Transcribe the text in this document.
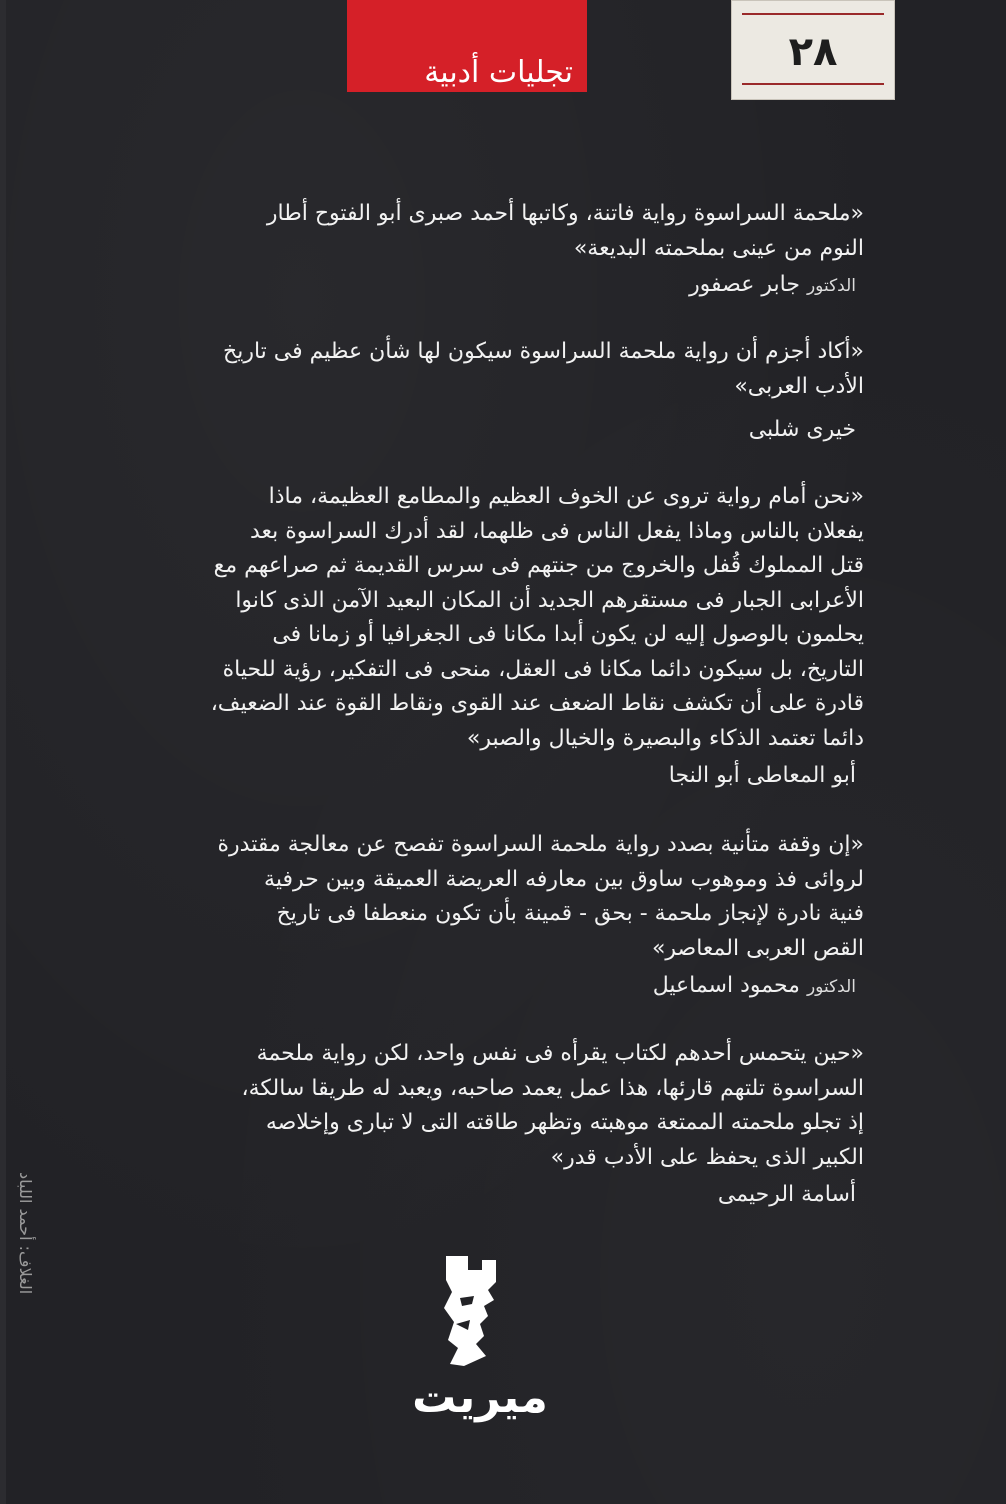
تجليات أدبية	٢٨
«ملحمة السراسوة رواية فاتنة، وكاتبها أحمد صبرى أبو الفتوح أطار
النوم من عينى بملحمته البديعة»
الدكتور جابر عصفور
«أكاد أجزم أن رواية ملحمة السراسوة سيكون لها شأن عظيم فى تاريخ
الأدب العربى»
خيرى شلبى
«نحن أمام رواية تروى عن الخوف العظيم والمطامع العظيمة، ماذا
يفعلان بالناس وماذا يفعل الناس فى ظلهما، لقد أدرك السراسوة بعد
قتل المملوك قُفل والخروج من جنتهم فى سرس القديمة ثم صراعهم مع
الأعرابى الجبار فى مستقرهم الجديد أن المكان البعيد الآمن الذى كانوا
يحلمون بالوصول إليه لن يكون أبدا مكانا فى الجغرافيا أو زمانا فى
التاريخ، بل سيكون دائما مكانا فى العقل، منحى فى التفكير، رؤية للحياة
قادرة على أن تكشف نقاط الضعف عند القوى ونقاط القوة عند الضعيف،
دائما تعتمد الذكاء والبصيرة والخيال والصبر»
أبو المعاطى أبو النجا
«إن وقفة متأنية بصدد رواية ملحمة السراسوة تفصح عن معالجة مقتدرة
لروائى فذ وموهوب ساوق بين معارفه العريضة العميقة وبين حرفية
فنية نادرة لإنجاز ملحمة - بحق - قمينة بأن تكون منعطفا فى تاريخ
القص العربى المعاصر»
الدكتور محمود اسماعيل
«حين يتحمس أحدهم لكتاب يقرأه فى نفس واحد، لكن رواية ملحمة
السراسوة تلتهم قارئها، هذا عمل يعمد صاحبه، ويعبد له طريقا سالكة،
إذ تجلو ملحمته الممتعة موهبته وتظهر طاقته التى لا تبارى وإخلاصه
الكبير الذى يحفظ على الأدب قدر»
أسامة الرحيمى
الغلاف: أحمد اللباد
ميريت
